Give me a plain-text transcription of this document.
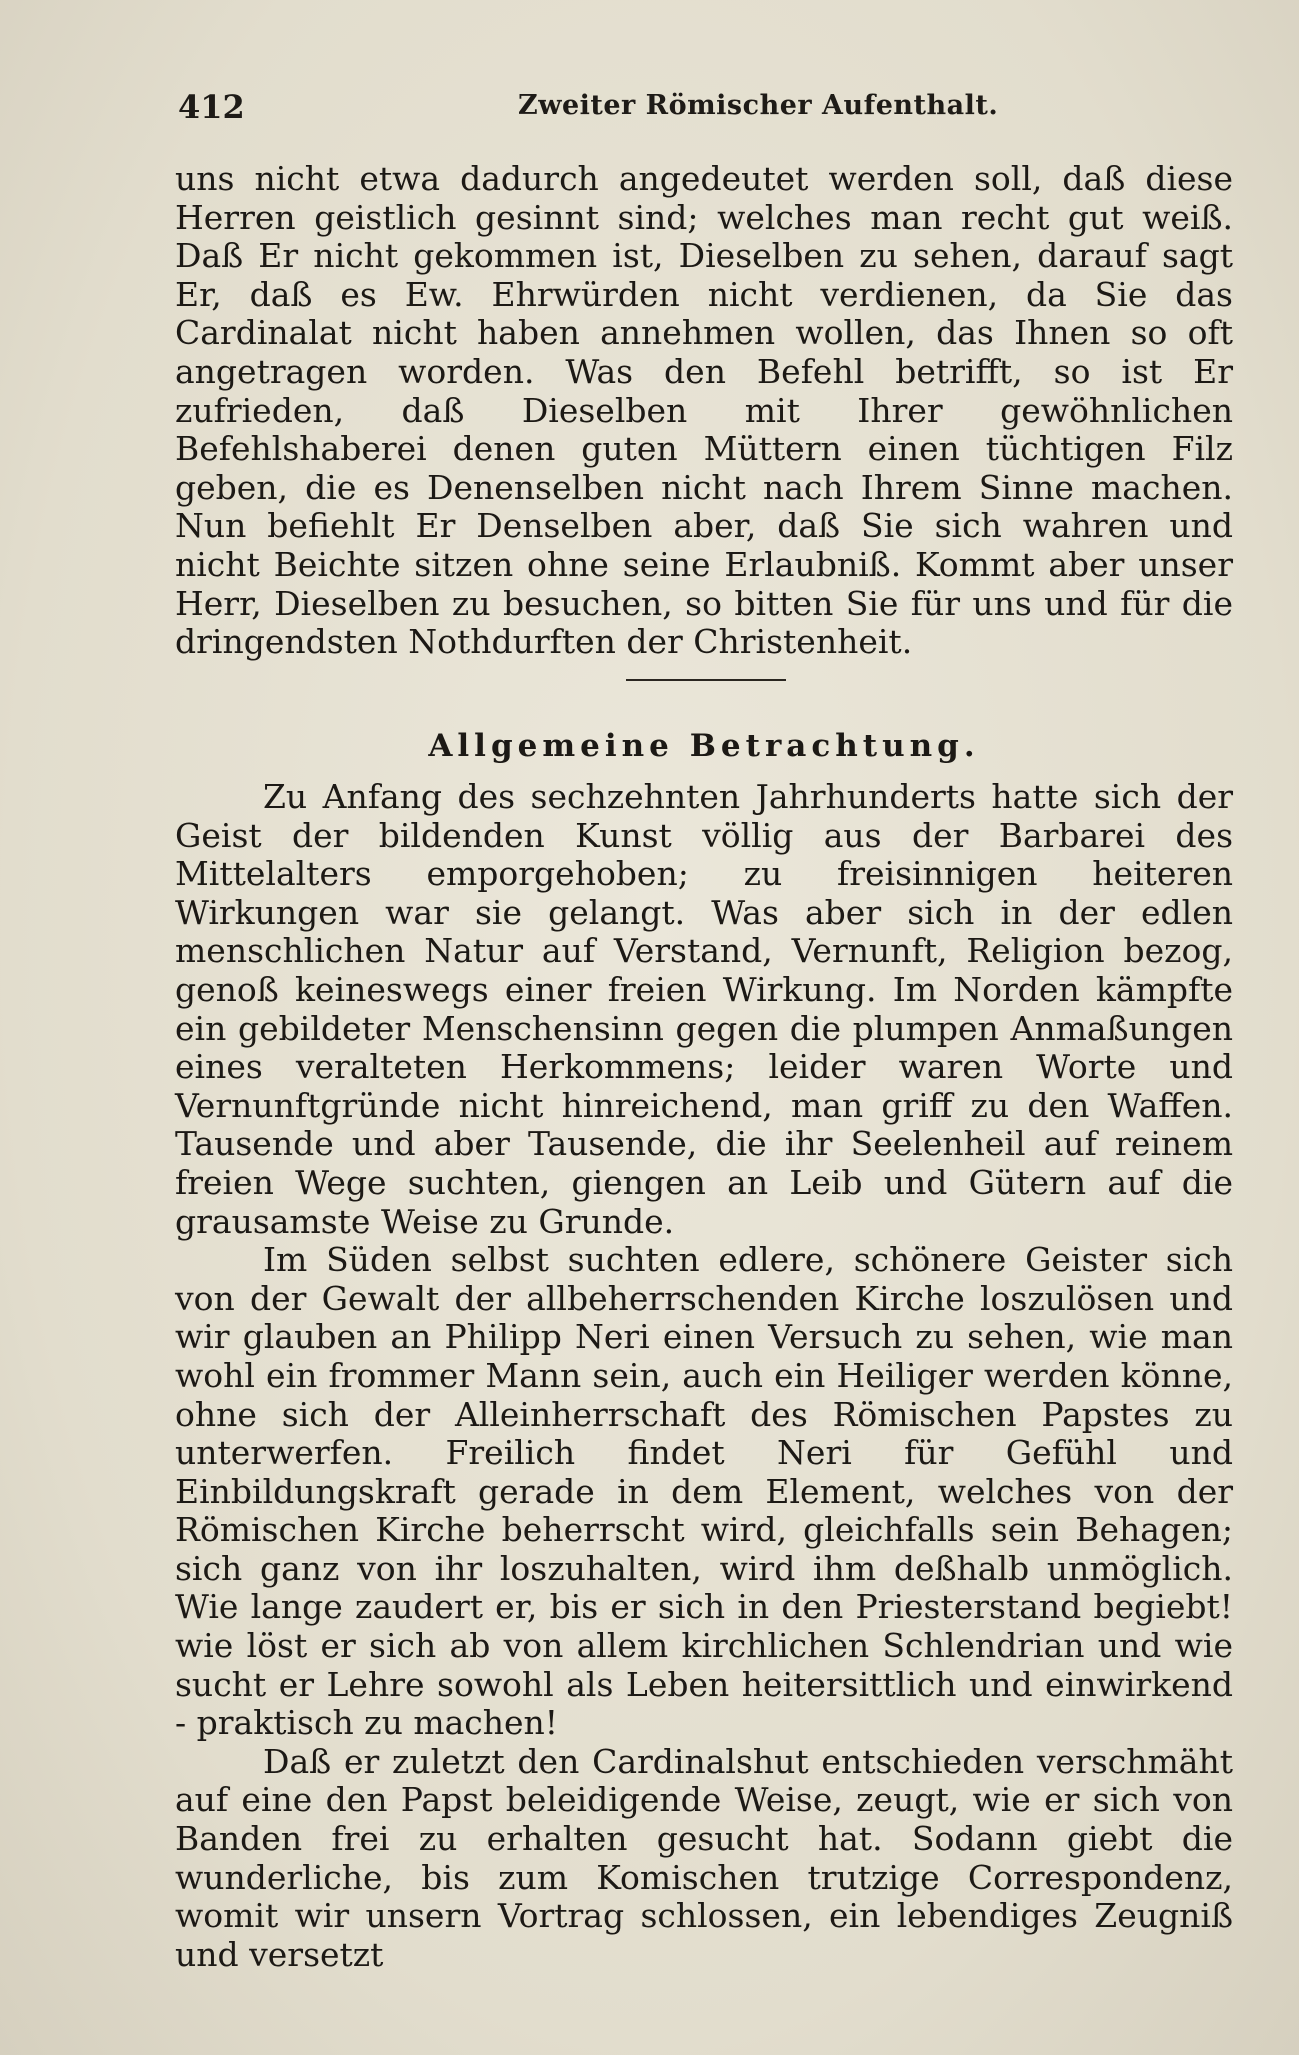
412	Zweiter Römischer Aufenthalt.

uns nicht etwa dadurch angedeutet werden soll, daß diese Herren geistlich gesinnt sind; welches man recht gut weiß. Daß Er nicht gekommen ist, Dieselben zu sehen, darauf sagt Er, daß es Ew. Ehrwürden nicht verdienen, da Sie das Cardinalat nicht haben annehmen wollen, das Ihnen so oft angetragen worden. Was den Befehl betrifft, so ist Er zufrieden, daß Dieselben mit Ihrer gewöhnlichen Befehlshaberei denen guten Müttern einen tüchtigen Filz geben, die es Denenselben nicht nach Ihrem Sinne machen. Nun befiehlt Er Denselben aber, daß Sie sich wahren und nicht Beichte sitzen ohne seine Erlaubniß. Kommt aber unser Herr, Dieselben zu besuchen, so bitten Sie für uns und für die dringendsten Nothdurften der Christenheit.

Allgemeine Betrachtung.

Zu Anfang des sechzehnten Jahrhunderts hatte sich der Geist der bildenden Kunst völlig aus der Barbarei des Mittelalters emporgehoben; zu freisinnigen heiteren Wirkungen war sie gelangt. Was aber sich in der edlen menschlichen Natur auf Verstand, Vernunft, Religion bezog, genoß keineswegs einer freien Wirkung. Im Norden kämpfte ein gebildeter Menschensinn gegen die plumpen Anmaßungen eines veralteten Herkommens; leider waren Worte und Vernunftgründe nicht hinreichend, man griff zu den Waffen. Tausende und aber Tausende, die ihr Seelenheil auf reinem freien Wege suchten, giengen an Leib und Gütern auf die grausamste Weise zu Grunde.

Im Süden selbst suchten edlere, schönere Geister sich von der Gewalt der allbeherrschenden Kirche loszulösen und wir glauben an Philipp Neri einen Versuch zu sehen, wie man wohl ein frommer Mann sein, auch ein Heiliger werden könne, ohne sich der Alleinherrschaft des Römischen Papstes zu unterwerfen. Freilich findet Neri für Gefühl und Einbildungskraft gerade in dem Element, welches von der Römischen Kirche beherrscht wird, gleichfalls sein Behagen; sich ganz von ihr loszuhalten, wird ihm deßhalb unmöglich. Wie lange zaudert er, bis er sich in den Priesterstand begiebt! wie löst er sich ab von allem kirchlichen Schlendrian und wie sucht er Lehre sowohl als Leben heitersittlich und einwirkend - praktisch zu machen!

Daß er zuletzt den Cardinalshut entschieden verschmäht auf eine den Papst beleidigende Weise, zeugt, wie er sich von Banden frei zu erhalten gesucht hat. Sodann giebt die wunderliche, bis zum Komischen trutzige Correspondenz, womit wir unsern Vortrag schlossen, ein lebendiges Zeugniß und versetzt
